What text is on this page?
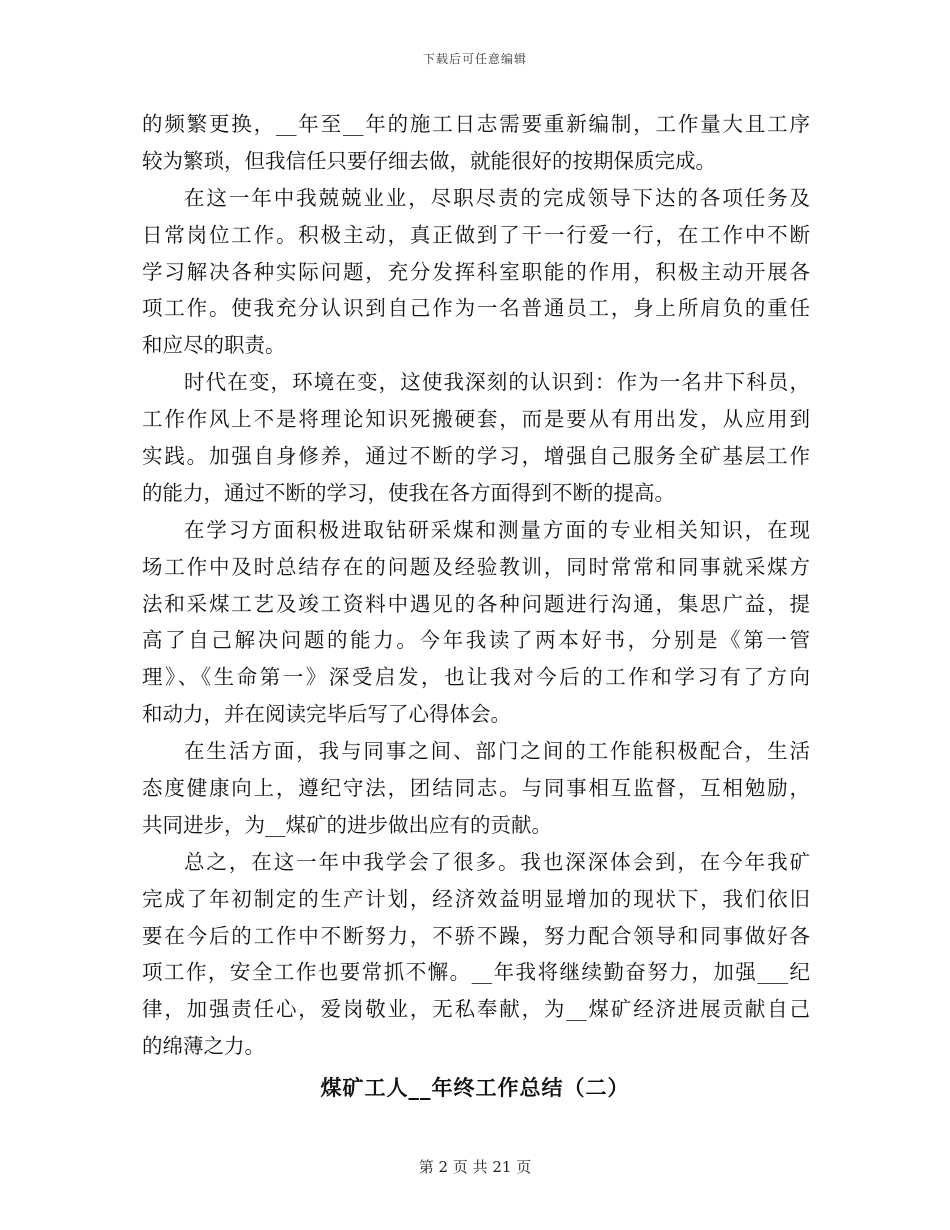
下载后可任意编辑
的频繁更换，__年至__年的施工日志需要重新编制，工作量大且工序
较为繁琐，但我信任只要仔细去做，就能很好的按期保质完成。
在这一年中我兢兢业业，尽职尽责的完成领导下达的各项任务及
日常岗位工作。积极主动，真正做到了干一行爱一行，在工作中不断
学习解决各种实际问题，充分发挥科室职能的作用，积极主动开展各
项工作。使我充分认识到自己作为一名普通员工，身上所肩负的重任
和应尽的职责。
时代在变，环境在变，这使我深刻的认识到：作为一名井下科员，
工作作风上不是将理论知识死搬硬套，而是要从有用出发，从应用到
实践。加强自身修养，通过不断的学习，增强自己服务全矿基层工作
的能力，通过不断的学习，使我在各方面得到不断的提高。
在学习方面积极进取钻研采煤和测量方面的专业相关知识，在现
场工作中及时总结存在的问题及经验教训，同时常常和同事就采煤方
法和采煤工艺及竣工资料中遇见的各种问题进行沟通，集思广益，提
高了自己解决问题的能力。今年我读了两本好书，分别是《第一管
理》、《生命第一》深受启发，也让我对今后的工作和学习有了方向
和动力，并在阅读完毕后写了心得体会。
在生活方面，我与同事之间、部门之间的工作能积极配合，生活
态度健康向上，遵纪守法，团结同志。与同事相互监督，互相勉励，
共同进步，为__煤矿的进步做出应有的贡献。
总之，在这一年中我学会了很多。我也深深体会到，在今年我矿
完成了年初制定的生产计划，经济效益明显增加的现状下，我们依旧
要在今后的工作中不断努力，不骄不躁，努力配合领导和同事做好各
项工作，安全工作也要常抓不懈。__年我将继续勤奋努力，加强___纪
律，加强责任心，爱岗敬业，无私奉献，为__煤矿经济进展贡献自己
的绵薄之力。
煤矿工人__年终工作总结（二）
第 2 页 共 21 页
